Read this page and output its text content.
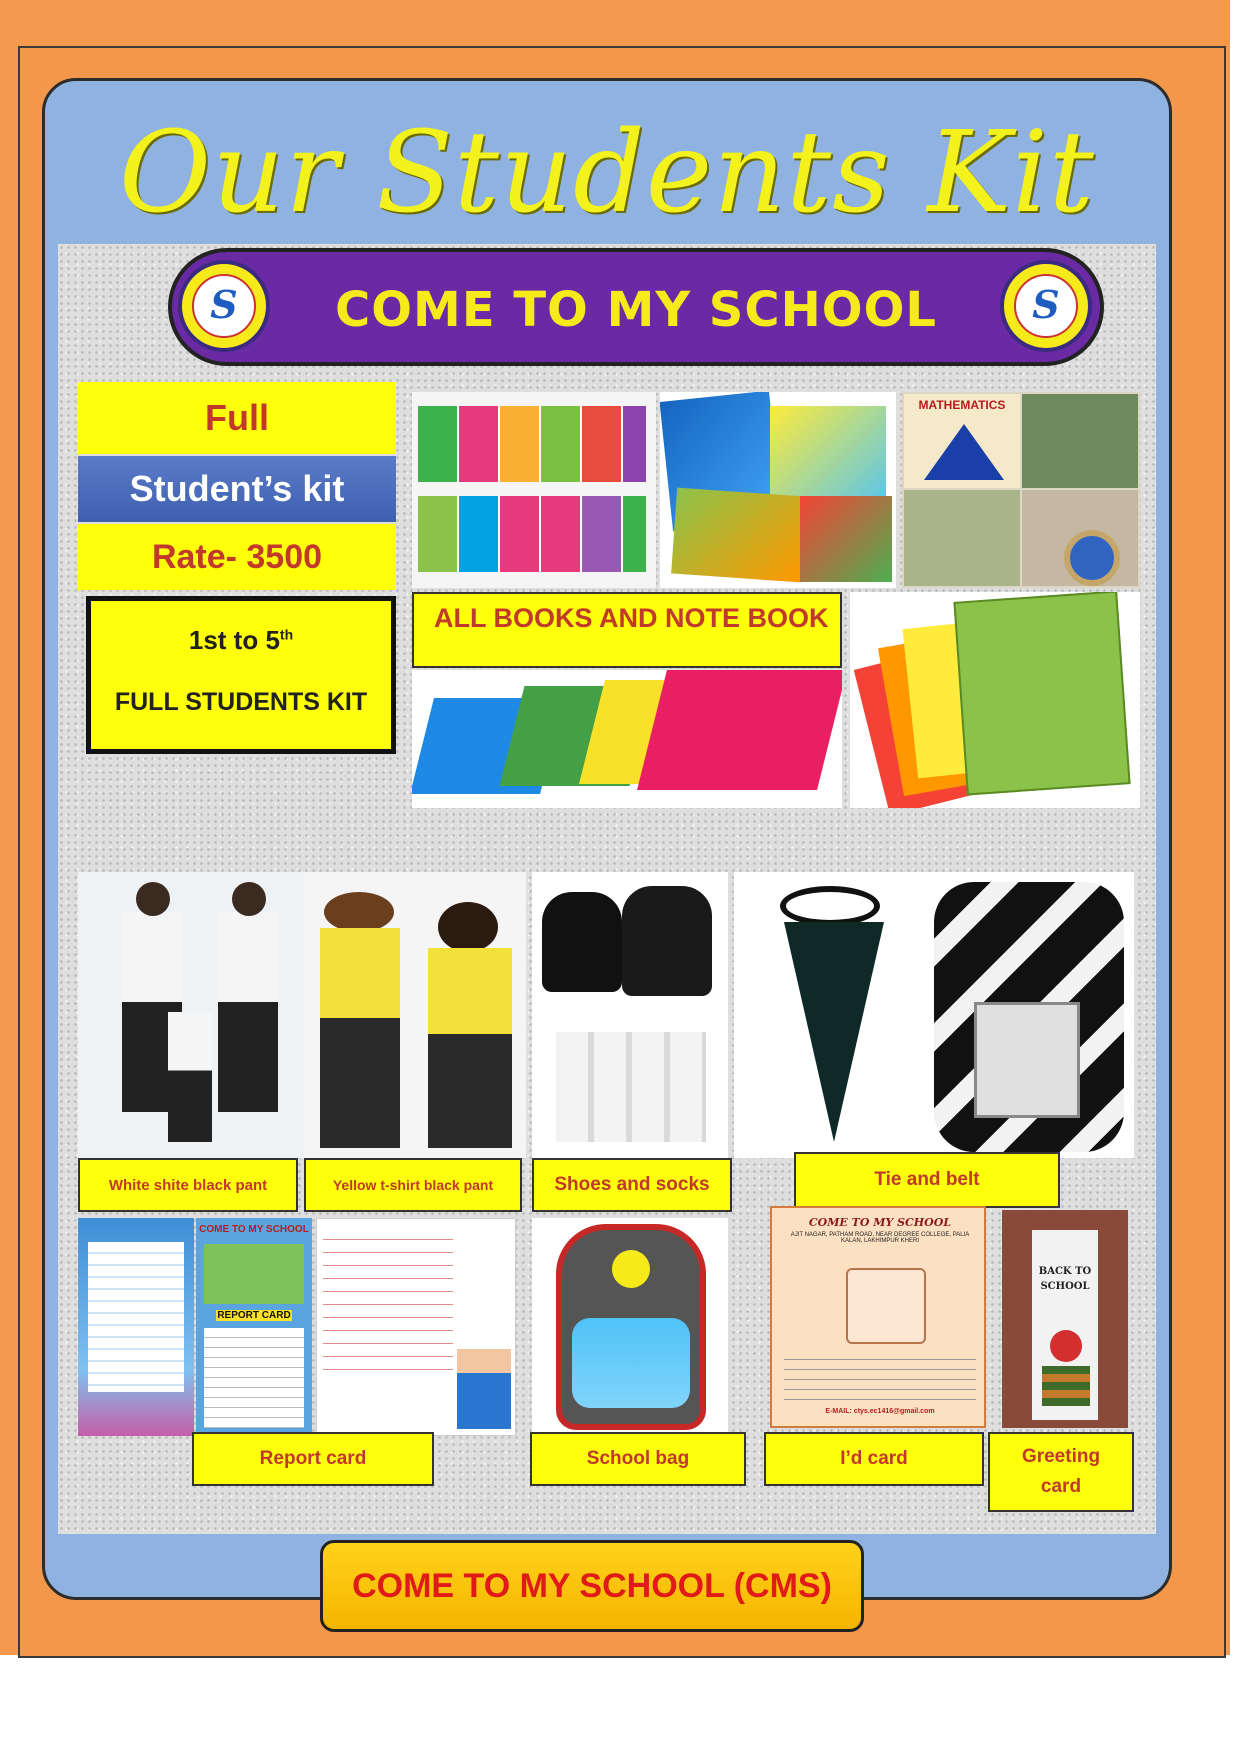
Our Students Kit
COME TO MY SCHOOL
S	S
Full
Student’s kit
Rate- 3500
1st to 5th
FULL STUDENTS KIT
MATHEMATICS
ALL BOOKS AND NOTE BOOK
White shite black pant	Yellow t-shirt black pant	Shoes and socks	Tie and belt
COME TO MY SCHOOL
REPORT CARD
COME TO MY SCHOOL
AJIT NAGAR, PATHAM ROAD, NEAR DEGREE COLLEGE, PALIA KALAN, LAKHIMPUR KHERI
E-MAIL: ctys.ec1416@gmail.com
BACK TO SCHOOL
Report card	School bag	I’d card	Greeting card
COME TO MY SCHOOL (CMS)
